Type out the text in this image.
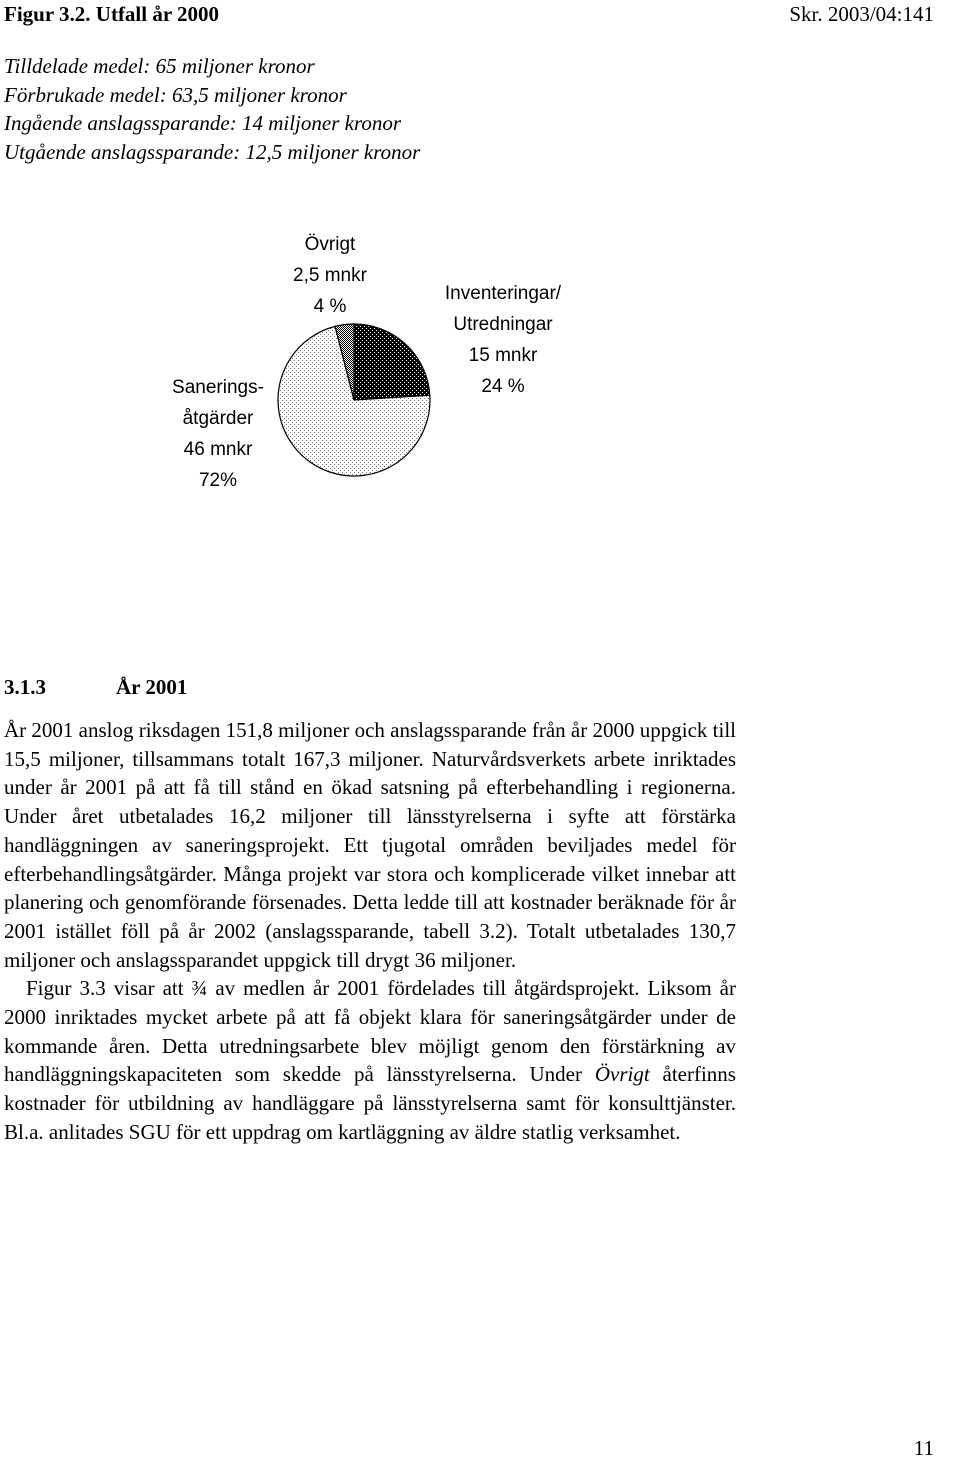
Figur 3.2. Utfall år 2000	Skr. 2003/04:141
Tilldelade medel: 65 miljoner kronor
Förbrukade medel: 63,5 miljoner kronor
Ingående anslagssparande: 14 miljoner kronor
Utgående anslagssparande: 12,5 miljoner kronor
Övrigt
2,5 mnkr
4 %
Inventeringar/
Utredningar
15 mnkr
24 %
Sanerings-
åtgärder
46 mnkr
72%
3.1.3	År 2001

År 2001 anslog riksdagen 151,8 miljoner och anslagssparande från år 2000 uppgick till 15,5 miljoner, tillsammans totalt 167,3 miljoner. Naturvårdsverkets arbete inriktades under år 2001 på att få till stånd en ökad satsning på efterbehandling i regionerna. Under året utbetalades 16,2 miljoner till länsstyrelserna i syfte att förstärka handläggningen av saneringsprojekt. Ett tjugotal områden beviljades medel för efterbehandlingsåtgärder. Många projekt var stora och komplicerade vilket innebar att planering och genomförande försenades. Detta ledde till att kostnader beräknade för år 2001 istället föll på år 2002 (anslagssparande, tabell 3.2). Totalt utbetalades 130,7 miljoner och anslagssparandet uppgick till drygt 36 miljoner.

Figur 3.3 visar att ¾ av medlen år 2001 fördelades till åtgärdsprojekt. Liksom år 2000 inriktades mycket arbete på att få objekt klara för saneringsåtgärder under de kommande åren. Detta utredningsarbete blev möjligt genom den förstärkning av handläggningskapaciteten som skedde på länsstyrelserna. Under Övrigt återfinns kostnader för utbildning av handläggare på länsstyrelserna samt för konsulttjänster. Bl.a. anlitades SGU för ett uppdrag om kartläggning av äldre statlig verksamhet.

11
